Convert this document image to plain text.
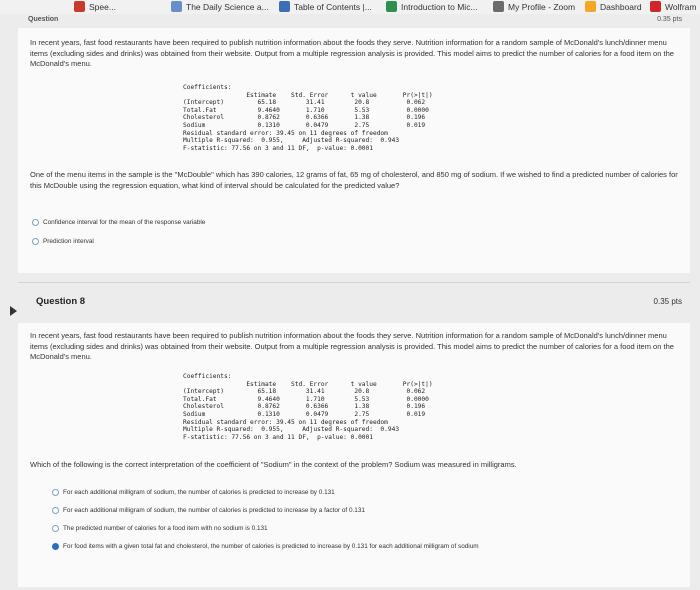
Spee...	The Daily Science a...	Table of Contents |...	Introduction to Mic...	My Profile - Zoom	Dashboard	Wolfram
Question	0.35 pts
In recent years, fast food restaurants have been required to publish nutrition information about the foods they serve. Nutrition information for a random sample of McDonald's lunch/dinner menu items (excluding sides and drinks) was obtained from their website. Output from a multiple regression analysis is provided. This model aims to predict the number of calories for a food item on the McDonald's menu.
Coefficients:
Estimate    Std. Error      t value       Pr(>|t|)
(Intercept)         65.18        31.41        20.8          0.062
Total.Fat           9.4640       1.710        5.53          0.0000
Cholesterol         0.8762       0.6366       1.38          0.196
Sodium              0.1310       0.0479       2.75          0.019
Residual standard error: 39.45 on 11 degrees of freedom
Multiple R-squared:  0.955,     Adjusted R-squared:  0.943
F-statistic: 77.56 on 3 and 11 DF,  p-value: 0.0001
One of the menu items in the sample is the "McDouble" which has 390 calories, 12 grams of fat, 65 mg of cholesterol, and 850 mg of sodium. If we wished to find a predicted number of calories for this McDouble using the regression equation, what kind of interval should be calculated for the predicted value?
Confidence interval for the mean of the response variable
Prediction interval
Question 8	0.35 pts
In recent years, fast food restaurants have been required to publish nutrition information about the foods they serve. Nutrition information for a random sample of McDonald's lunch/dinner menu items (excluding sides and drinks) was obtained from their website. Output from a multiple regression analysis is provided. This model aims to predict the number of calories for a food item on the McDonald's menu.
Coefficients:
Estimate    Std. Error      t value       Pr(>|t|)
(Intercept)         65.18        31.41        20.8          0.062
Total.Fat           9.4640       1.710        5.53          0.0000
Cholesterol         0.8762       0.6366       1.38          0.196
Sodium              0.1310       0.0479       2.75          0.019
Residual standard error: 39.45 on 11 degrees of freedom
Multiple R-squared:  0.955,     Adjusted R-squared:  0.943
F-statistic: 77.56 on 3 and 11 DF,  p-value: 0.0001
Which of the following is the correct interpretation of the coefficient of "Sodium" in the context of the problem? Sodium was measured in milligrams.
For each additional milligram of sodium, the number of calories is predicted to increase by 0.131
For each additional milligram of sodium, the number of calories is predicted to increase by a factor of 0.131
The predicted number of calories for a food item with no sodium is 0.131
For food items with a given total fat and cholesterol, the number of calories is predicted to increase by 0.131 for each additional milligram of sodium
